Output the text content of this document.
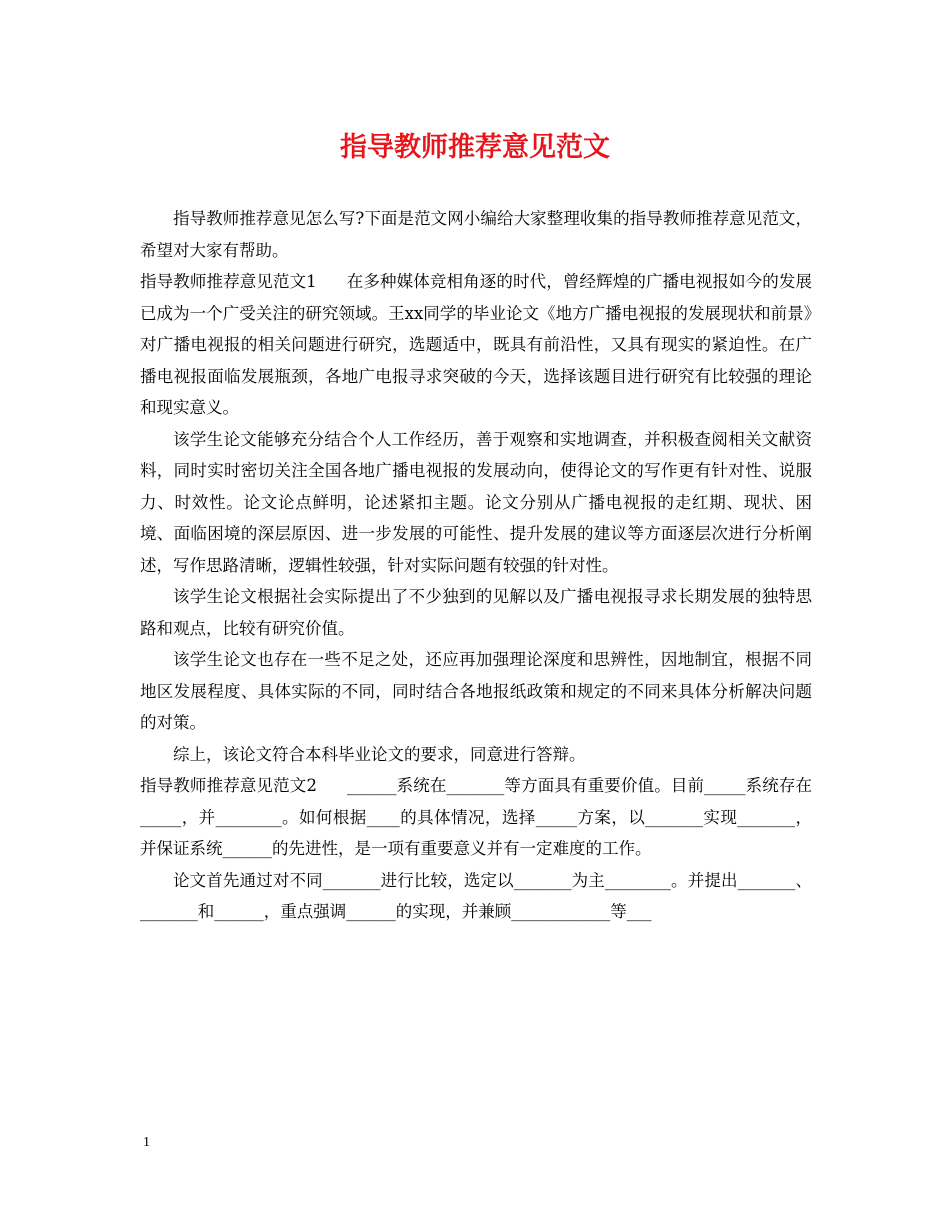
指导教师推荐意见范文

指导教师推荐意见怎么写?下面是范文网小编给大家整理收集的指导教师推荐意见范文，希望对大家有帮助。

指导教师推荐意见范文1 在多种媒体竞相角逐的时代，曾经辉煌的广播电视报如今的发展已成为一个广受关注的研究领域。王xx同学的毕业论文《地方广播电视报的发展现状和前景》对广播电视报的相关问题进行研究，选题适中，既具有前沿性，又具有现实的紧迫性。在广播电视报面临发展瓶颈，各地广电报寻求突破的今天，选择该题目进行研究有比较强的理论和现实意义。

该学生论文能够充分结合个人工作经历，善于观察和实地调查，并积极查阅相关文献资料，同时实时密切关注全国各地广播电视报的发展动向，使得论文的写作更有针对性、说服力、时效性。论文论点鲜明，论述紧扣主题。论文分别从广播电视报的走红期、现状、困境、面临困境的深层原因、进一步发展的可能性、提升发展的建议等方面逐层次进行分析阐述，写作思路清晰，逻辑性较强，针对实际问题有较强的针对性。

该学生论文根据社会实际提出了不少独到的见解以及广播电视报寻求长期发展的独特思路和观点，比较有研究价值。

该学生论文也存在一些不足之处，还应再加强理论深度和思辨性，因地制宜，根据不同地区发展程度、具体实际的不同，同时结合各地报纸政策和规定的不同来具体分析解决问题的对策。

综上，该论文符合本科毕业论文的要求，同意进行答辩。

指导教师推荐意见范文2 ______系统在_______等方面具有重要价值。目前_____系统存在_____，并________。如何根据____的具体情况，选择_____方案，以_______实现_______，并保证系统______的先进性，是一项有重要意义并有一定难度的工作。

论文首先通过对不同_______进行比较，选定以_______为主________。并提出_______、_______和______，重点强调______的实现，并兼顾____________等___

1
